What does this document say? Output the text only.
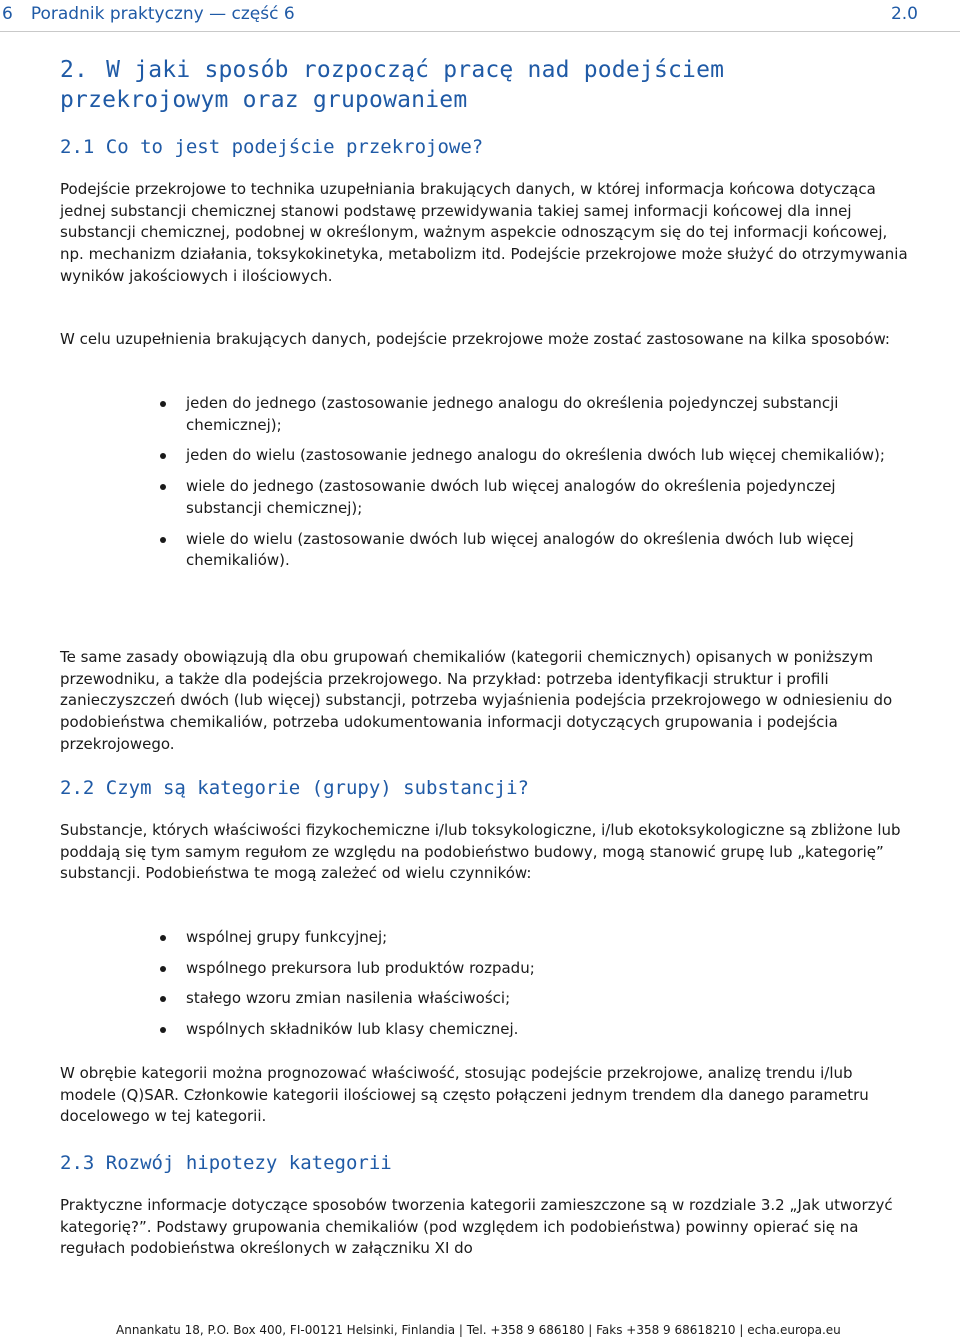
6 Poradnik praktyczny — część 6	2.0
2. W jaki sposób rozpocząć pracę nad podejściem przekrojowym oraz grupowaniem
2.1 Co to jest podejście przekrojowe?
Podejście przekrojowe to technika uzupełniania brakujących danych, w której informacja końcowa dotycząca jednej substancji chemicznej stanowi podstawę przewidywania takiej samej informacji końcowej dla innej substancji chemicznej, podobnej w określonym, ważnym aspekcie odnoszącym się do tej informacji końcowej, np. mechanizm działania, toksykokinetyka, metabolizm itd. Podejście przekrojowe może służyć do otrzymywania wyników jakościowych i ilościowych.
W celu uzupełnienia brakujących danych, podejście przekrojowe może zostać zastosowane na kilka sposobów:
jeden do jednego (zastosowanie jednego analogu do określenia pojedynczej substancji chemicznej);
jeden do wielu (zastosowanie jednego analogu do określenia dwóch lub więcej chemikaliów);
wiele do jednego (zastosowanie dwóch lub więcej analogów do określenia pojedynczej substancji chemicznej);
wiele do wielu (zastosowanie dwóch lub więcej analogów do określenia dwóch lub więcej chemikaliów).
Te same zasady obowiązują dla obu grupowań chemikaliów (kategorii chemicznych) opisanych w poniższym przewodniku, a także dla podejścia przekrojowego. Na przykład: potrzeba identyfikacji struktur i profili zanieczyszczeń dwóch (lub więcej) substancji, potrzeba wyjaśnienia podejścia przekrojowego w odniesieniu do podobieństwa chemikaliów, potrzeba udokumentowania informacji dotyczących grupowania i podejścia przekrojowego.
2.2 Czym są kategorie (grupy) substancji?
Substancje, których właściwości fizykochemiczne i/lub toksykologiczne, i/lub ekotoksykologiczne są zbliżone lub poddają się tym samym regułom ze względu na podobieństwo budowy, mogą stanowić grupę lub „kategorię” substancji. Podobieństwa te mogą zależeć od wielu czynników:
wspólnej grupy funkcyjnej;
wspólnego prekursora lub produktów rozpadu;
stałego wzoru zmian nasilenia właściwości;
wspólnych składników lub klasy chemicznej.
W obrębie kategorii można prognozować właściwość, stosując podejście przekrojowe, analizę trendu i/lub modele (Q)SAR. Członkowie kategorii ilościowej są często połączeni jednym trendem dla danego parametru docelowego w tej kategorii.
2.3 Rozwój hipotezy kategorii
Praktyczne informacje dotyczące sposobów tworzenia kategorii zamieszczone są w rozdziale 3.2 „Jak utworzyć kategorię?”. Podstawy grupowania chemikaliów (pod względem ich podobieństwa) powinny opierać się na regułach podobieństwa określonych w załączniku XI do
Annankatu 18, P.O. Box 400, FI-00121 Helsinki, Finlandia | Tel. +358 9 686180 | Faks +358 9 68618210 | echa.europa.eu
